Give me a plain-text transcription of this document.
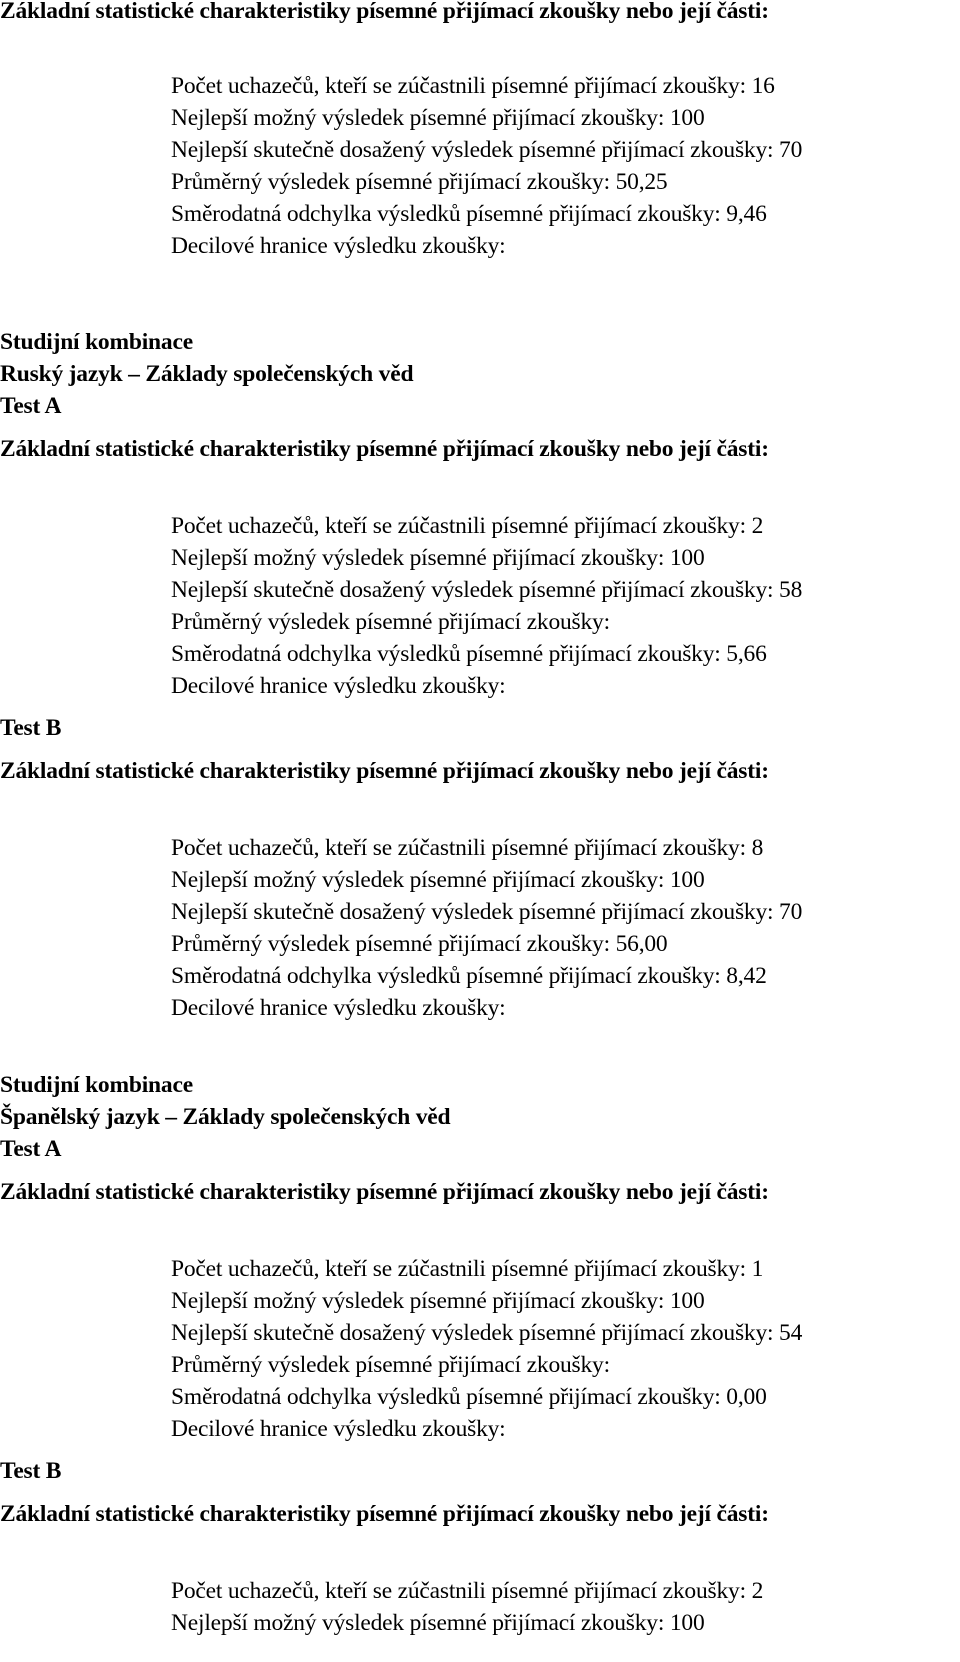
Základní statistické charakteristiky písemné přijímací zkoušky nebo její části:
Počet uchazečů, kteří se zúčastnili písemné přijímací zkoušky: 16
Nejlepší možný výsledek písemné přijímací zkoušky: 100
Nejlepší skutečně dosažený výsledek písemné přijímací zkoušky: 70
Průměrný výsledek písemné přijímací zkoušky: 50,25
Směrodatná odchylka výsledků písemné přijímací zkoušky: 9,46
Decilové hranice výsledku zkoušky:
Studijní kombinace
Ruský jazyk – Základy společenských věd
Test A
Základní statistické charakteristiky písemné přijímací zkoušky nebo její části:
Počet uchazečů, kteří se zúčastnili písemné přijímací zkoušky: 2
Nejlepší možný výsledek písemné přijímací zkoušky: 100
Nejlepší skutečně dosažený výsledek písemné přijímací zkoušky: 58
Průměrný výsledek písemné přijímací zkoušky:
Směrodatná odchylka výsledků písemné přijímací zkoušky: 5,66
Decilové hranice výsledku zkoušky:
Test B
Základní statistické charakteristiky písemné přijímací zkoušky nebo její části:
Počet uchazečů, kteří se zúčastnili písemné přijímací zkoušky: 8
Nejlepší možný výsledek písemné přijímací zkoušky: 100
Nejlepší skutečně dosažený výsledek písemné přijímací zkoušky: 70
Průměrný výsledek písemné přijímací zkoušky: 56,00
Směrodatná odchylka výsledků písemné přijímací zkoušky: 8,42
Decilové hranice výsledku zkoušky:
Studijní kombinace
Španělský jazyk – Základy společenských věd
Test A
Základní statistické charakteristiky písemné přijímací zkoušky nebo její části:
Počet uchazečů, kteří se zúčastnili písemné přijímací zkoušky: 1
Nejlepší možný výsledek písemné přijímací zkoušky: 100
Nejlepší skutečně dosažený výsledek písemné přijímací zkoušky: 54
Průměrný výsledek písemné přijímací zkoušky:
Směrodatná odchylka výsledků písemné přijímací zkoušky: 0,00
Decilové hranice výsledku zkoušky:
Test B
Základní statistické charakteristiky písemné přijímací zkoušky nebo její části:
Počet uchazečů, kteří se zúčastnili písemné přijímací zkoušky: 2
Nejlepší možný výsledek písemné přijímací zkoušky: 100
